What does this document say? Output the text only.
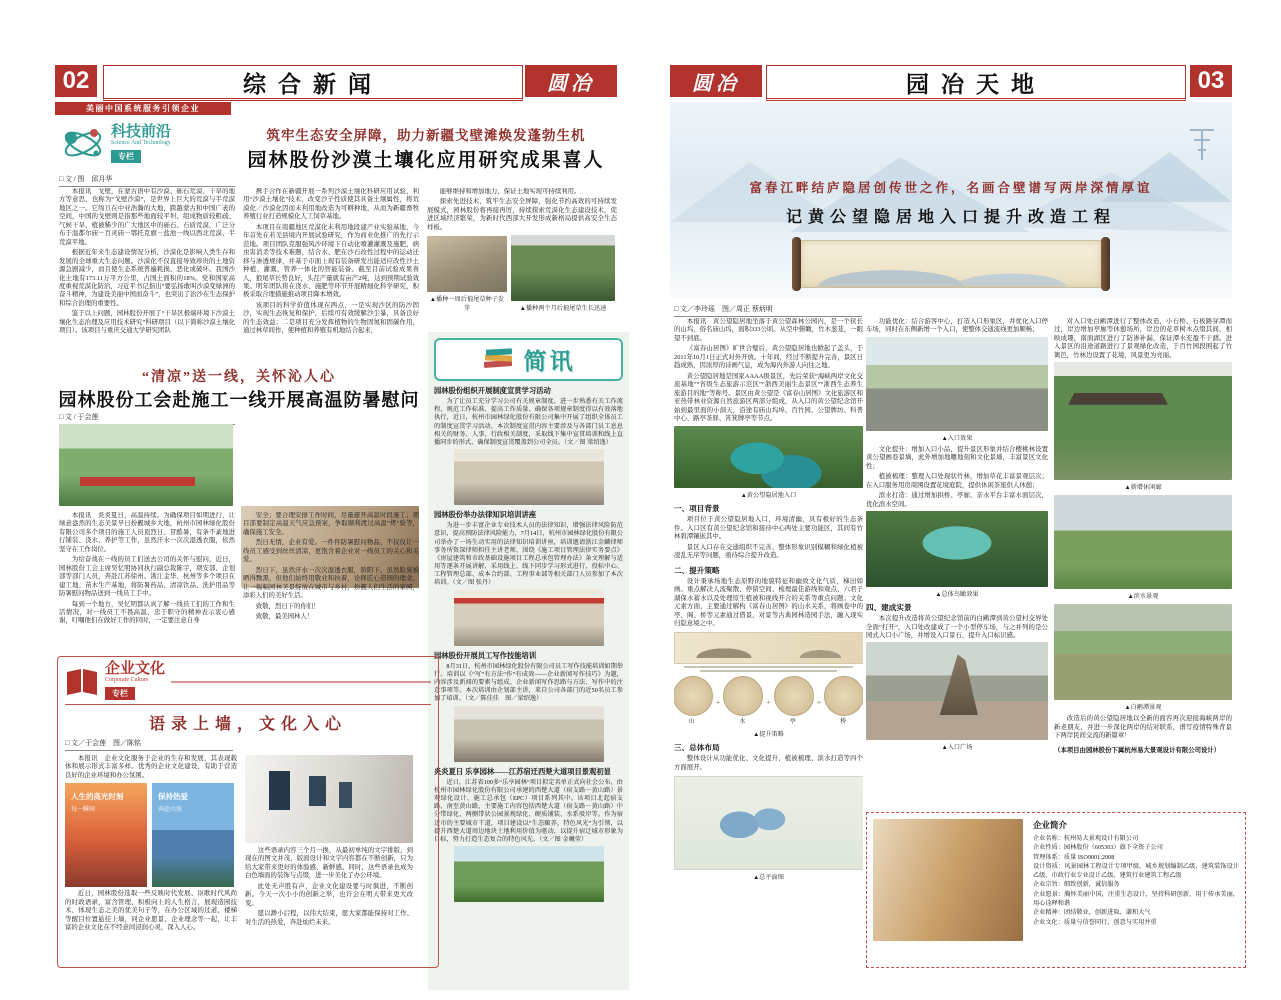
02	综合新闻	圆冶
美丽中国系统服务引领企业
科技前沿
Science And Technology
专栏
筑牢生态安全屏障，助力新疆戈壁滩焕发蓬勃生机
园林股份沙漠土壤化应用研究成果喜人
□ 文 / 图　邱月华

本报讯　戈壁，在蒙古语中有沙漠、砾石荒漠、干旱的地方等意思，也称为“戈壁沙漠”，是世界上巨大的荒漠与半荒漠地区之一。它绵亘在中亚浩瀚的大地，跨越蒙古和中国广袤的空间，中国的戈壁则是指那些地面较平坦、组成物质较粗疏、气候干旱、植被稀少的广大地区中的砾石、石质荒漠，广泛分布于温都尔庙－百灵庙－鄂托克旗－盐池一线以西北荒漠、半荒漠平地。

根据近年来生态建设情况分析，沙漠化是影响人类生存和发展的全球重大生态问题。沙漠化不仅直接导致珍贵的土地资源急剧减少，而且使生态系统普遍耗损、恶化或破坏。我国沙化土地有173.11万平方公里，占国土面积的18%。党和国家高度重视荒漠化防治，习近平书记指出“要弘扬敢叫沙漠变绿洲的奋斗精神，为建设美丽中国而奋斗”，也突出了治沙在生态保护和综合治理的重要性。

鉴于以上问题，园林股份开展了“干旱区极端环境下沙漠土壤化生态治理及应用技术研究”科研项目（以下简称沙漠土壤化项目）。该项目与重庆交通大学研究团队

携手合作在新疆开展一系列沙漠土壤化科研应用试验，利用“沙漠土壤化”技术，改变沙子性质使其具备土壤属性，将荒漠化／沙漠化因而未利用地改造为可耕种地，从而为新疆畜牧养殖行业打造规模化人工饲草基地。

本项目在南疆地区荒漠化未利用地段建产业实验基地，今年首先在若羌县境内开展试验研究，作为商业化推广的先行示范地。项目团队克服强风沙环境下自动化喷灌灌溉及施肥、病虫害消杀等技术难题，结合水、肥在沙石改性过程中的运动迁移与渗透规律，并基于市面上现有装备研发出能适应改性沙土种植、灌溉、管养一体化的智能装备。截至目前试验成果喜人，狼尾草长势良好，头茬产量就有亩产2吨，达到预期试验效果。明年团队将在浇水、施肥等环节开展精细化科学研究，积极采取合理措施推动项目降本增效。

该项目的科学价值体现在两点，一是实现沙区的防沙固沙，实现生态恢复和保护，后续可有效缓解沙尘暴，具备良好的生态效益；二是项目充分发挥植物的生物固氮和固碳作用，通过林草间作，使种植和养殖有机地结合起来，

能够维持和增加地力，保证土地实现可持续利用。

探索先进技术，筑牢生态安全屏障，强化节约高效的可持续发展模式，园林股份将再接再厉，持续探索荒漠化生态建设技术，促进区域经济繁荣，为新时代西部大开发形成新格局提供高安全生态样板。

▲播种一周后狼尾草种子发芽	▲播种两个月后狼尾草生长迅速
简讯
园林股份组织开展制度宣贯学习活动

为了让员工充分学习公司有关规章制度，进一步熟悉有关工作流程、规范工作标准、提高工作质量、确保各项规章制度得以有效落地执行，近日，杭州市园林绿化股份有限公司集中开展了组织全体员工的制度宣贯学习活动。本次制度宣贯内容主要涉及与各部门员工息息相关的财务、人事、行政相关制度，采取线下集中宣贯培训和线上直播同步的形式，确保制度宣贯覆盖到公司全员。（文／图 梁绍逸）

园林股份举办法律知识培训讲座

为进一步丰富企业专业技术人员的法律知识，增强法律风险防范意识，提高预防法律风险能力，7月14日，杭州市园林绿化股份有限公司举办了一场生动实用的法律知识培训讲座，培训邀请浙江金麟律师事务所资深律师担任主讲老师，围绕《施工项目管理法律实务要点》《房屋建筑和市政基础设施项目工程总承包管理办法》条文理解与适用等逐条开展讲解，采用线上、线下同步学习形式进行，投标中心、工程管理总部、成本合约部、工程事业部等相关部门人员参加了本次培训。（文／图 张丹）

园林股份开展员工写作技能培训

8月31日，杭州市园林绿化股份有限公司员工写作技能培训如期举行。培训以《“写”有方法“作”有成效——企业新闻写作技巧》为题，内容涉及新闻的要素与组成、企业新闻写作思路与方法、写作中的注意事项等。本次培训由企划部主讲，来自公司各部门的近50名员工参加了培训。（文／陈佳佳　图／梁绍逸）

炎炎夏日 乐享园林——江苏宿迁西楚大道项目景观初显

近日，江苏省100多“乐享园林”项目拟定名单正式向社会公布，由杭州市园林绿化股份有限公司承建的西楚大道（宿支路－黄山路）景观绿化设计、施工总承包（EPC）项目系列其中。该项目北起宿支路，南至黄山路，主要施工内容包括西楚大道（宿支路－黄山路）中分带绿化、两侧带状公园景观绿化、硬质铺装、水系驳岸等。作为宿迁市的主要城市干道，项目建设以“生态颐养，特色风光”为引领，以提升西楚大道周边地块土地利用价值为驱动，以提升宿迁城市形象为目标，努力打造生态复合的特色风光。（文／图 金曦莹）

“清凉”送一线，关怀沁人心
园林股份工会赴施工一线开展高温防暑慰问
□ 文 / 于会莲

本报讯　炎炎夏日，高温持续。为确保项目如期进行，让绿意盎然的生态美景早日扮靓城乡大地，杭州市园林绿化股份有限公司多个项目的施工人员顶烈日、冒酷暑，有条不紊地进行铺装、浇水、养护等工作，虽然汗水一次次湿透衣服，依然坚守在工作岗位。

为给奋战在一线的员工们送去公司的关怀与慰问，近日，园林股份工会主席吴忆明协同执行副总裁陈宇，项安部、企划部等部门人员，奔赴江苏徐州、浙江金华、杭州等多个项目在建工地、苗木生产基地，将防暑药品、清凉饮品、洗护用品等防暑慰问物品送到一线员工手中。

每到一个地方，吴忆明都认真了解一线员工们的工作和生活情况，对一线员工不畏高温、忠于职守的精神表示衷心感谢，叮嘱他们在做好工作的同时，一定要注意自身

安全；要合理安排工作时间，尽量避开高温时段施工；项目部要制定高温天气应急预案，争取顺利渡过高温“烤”验等，确保施工安全。

烈日无情，企业有爱。一件件防暑慰问物品，不仅仅让一线员工感受到丝丝清凉，更饱含着企业对一线员工的关心和关爱。

烈日下，虽然汗水一次次湿透衣服，骄阳下，虽然脸庞被晒得黝黑，但他们始终用敬业和执着，诠释匠心造园的理念，让一幅幅园林美景绽放在城市与乡村，扮靓人们生活的家园，添彩人们的美好生活。

致敬，烈日下的你们！

致敬，最美园林人！

企业文化
Corporate Culture
专栏
语录上墙，文化入心
□ 文／于会莲　图／陈铭

本报讯　企业文化服务于企业的生存和发展，其表现载体和展示形式丰富多样。优秀的企业文化建设，有助于营造良好的企业环境和办公氛围。

人生的高光时刻
每一瞬间
保持热爱
奔赴山海

近日，园林股份选取一些反映时代发展、讴歌时代风尚的时政语录，富含管理、积极向上的人生格言，展现造园技术、体现生态之美的优美句子等，在办公区域的过道、楼梯等醒目位置悬挂上墙，同企业愿景、企业理念等一起，让丰富的企业文化在不经意间浸润心灵，深入人心。

这些语录内容三个月一换，从最初单纯的文字排版，到现在的图文并茂，版面设计和文字内容都在不断创新，只为给大家带来更好的体验感、新鲜感。同时，这些语录也成为白色墙面的装饰与点缀，进一步美化了办公环境。

此处无声胜有声，企业文化建设要与时俱进，不断创新。今天一次小小的创新之举，也许会在明天带来更大改变。

愿以渺小启程，以伟大结束，愿大家都能保持对工作、对生活的热爱，奔赴灿烂未来。

圆冶	园冶天地	03
富春江畔结庐隐居创传世之作，名画合壁谱写两岸深情厚谊
记黄公望隐居地入口提升改造工程
□ 文／李玲瑶　图／周正 蔡炳明

本报讯　黄公望隐居地坐落于黄公望森林公园内，是一个狭长的山坞，俗名庙山坞，面积333公顷。从空中俯瞰，竹木葱茏，一眼望不到底。

《富春山居图》旷世合璧后，黄公望隐居地也掀起了盖头，于2011年10月1日正式对外开放。十年间，经过不断提升完善，景区日趋成熟，因浓厚的诗画气息，成为海内外游人向往之地。

黄公望隐居地是国家AAAA级景区，先后荣获“海峡两岸文化交流基地”“省级生态旅游示范区”“浙西美丽生态景区”“浙西生态养生旅游目的地”等称号。景区由黄公望是《富春山居图》文化旅游区和亚热带林业资源自然旅游区两部分组成，从入口的黄公望纪念馆开始到最里面的小洞天，沿途有庙山坞埠、百竹园、公望牌坊、科普中心、路亭茶驿、筲箕牌亭等节点。

▲黄公望隐居地入口
一、项目背景

项目位于黄公望隐居地入口，环境清幽，具有极好的生态条件。入口区有黄公望纪念馆和接待中心两处主要功能区，其间有竹林碧潭镶嵌其中。

景区入口存在交通组织不完善、整体形象识别模糊和绿化植被凌乱无序等问题，亟待综合提升改造。

二、提升策略

设计秉承场地生态原野的地貌特征和幽致文化气质，梯田如画。重点解决人流聚散、停留空间、梳理最佳游线和观点、六君子湖保水蓄水以及处理原生植被和视线开合的关系等重点问题；文化元素方面，主要通过解构《富春山居图》的山水关系，将画卷中的亭、阁、桥等元素通过借景、对景等古典园林造园手法，融入现实归隐意境之中。

山
+	水
+	亭
+	桥
▲提升策略
三、总体布局

整体设计从功能优化、文化提升、植被梳理、滨水打造等四个方面展开。

▲总平面图

功能优化：结合游客中心，打造入口形象区，并优化入口停车场，同时在东侧新增一个入口，使整体交通流线更加顺畅；

▲入口效果

文化提升：增加入口小品，提升景区形象并结合樱桃林设置黄公望画卷景墙，此外增加地雕地刻和文化景墙，丰富景区文化性；

植被梳理：整理入口处现状竹林，增加草花丰富景观层次；在入口服务用房周围设置花境庭院，提供休闲茶座供人休憩；

滨水打造：通过增加拱桥、亭廊、亲水平台丰富水面层次，优化滨水空间。

▲总体鸟瞰效果
四、建成实景

本次提升改造将黄公望纪念馆前的白鹇潭到黄公望村交界处全面“打开”，入口处改建成了一个小型停车场，与之并列的是公园式入口小广场，并增设入口景石，提升入口标识感。

▲入口广场

对入口处白鹇潭进行了整体改造，小石桥、石板路穿潭而过，岸边增加亭廊等休憩场所，岸边的花草树木点缀其间、相映成趣，南面湖区进行了防渗补漏，保证潭水充盈不干涸。进入景区的沿途道路进行了景观绿化改造，于百竹园段围起了竹篱笆，竹林边设置了花境，风景更为亮丽。

▲新增休闲廊
▲滨水景观
▲白鹇潭景观

改造后的黄公望隐居地以全新的面容再次迎接海峡两岸的新老朋友，并进一步深化两岸的结对联系，谱写疫情特殊背景下两岸民间交流的新篇章！

（本项目由园林股份下属杭州易大景观设计有限公司设计）
企业简介
企业名称：杭州易大景观设计有限公司
企业性质：园林股份（605303）旗下全资子公司
管理体系：质量 ISO9001:2008
设计资质：风景园林工程设计专项甲级、城乡规划编制乙级、建筑装饰设计乙级、市政行业专业设计乙级、建筑行业建筑工程乙级
企业宗旨：细致创新，诚信服务
企业愿景：胸怀美丽中国，注重生态设计，坚持科研创新，用于传承美丽，用心诠释和谐
企业精神：团结敬业、创新进取、谦和大气
企业文化：质量与信誉同行，创意与实用并重
